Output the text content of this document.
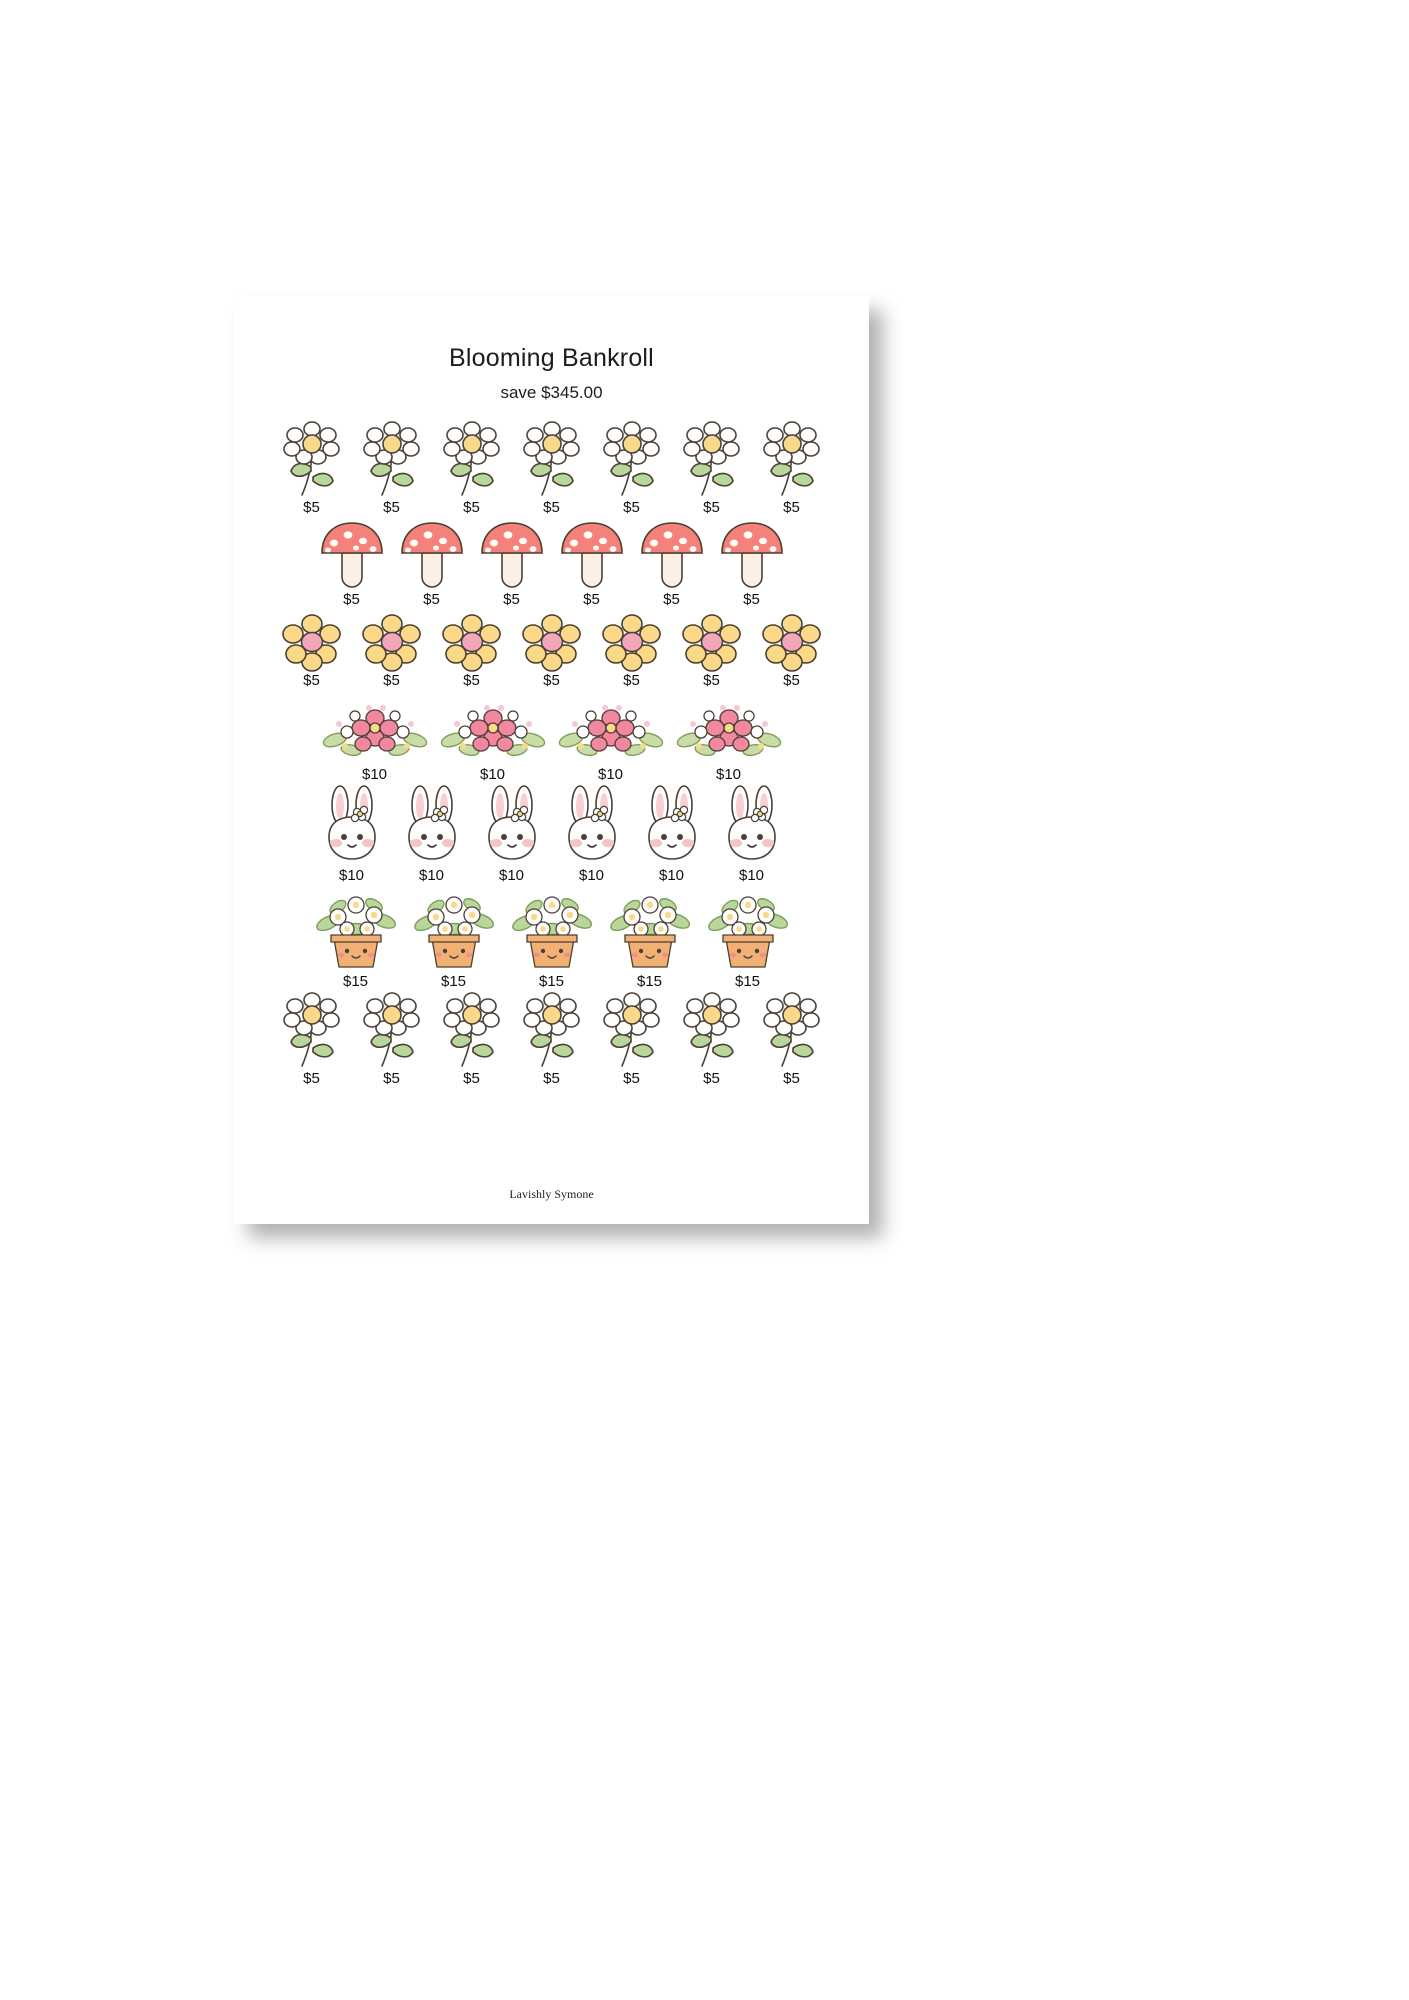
Blooming Bankroll
save $345.00
$5	$5	$5	$5	$5	$5	$5
$5	$5	$5	$5	$5	$5
$5	$5	$5	$5	$5	$5	$5
$10	$10	$10	$10
$10	$10	$10	$10	$10	$10
$15	$15	$15	$15	$15
$5	$5	$5	$5	$5	$5	$5
Lavishly Symone
